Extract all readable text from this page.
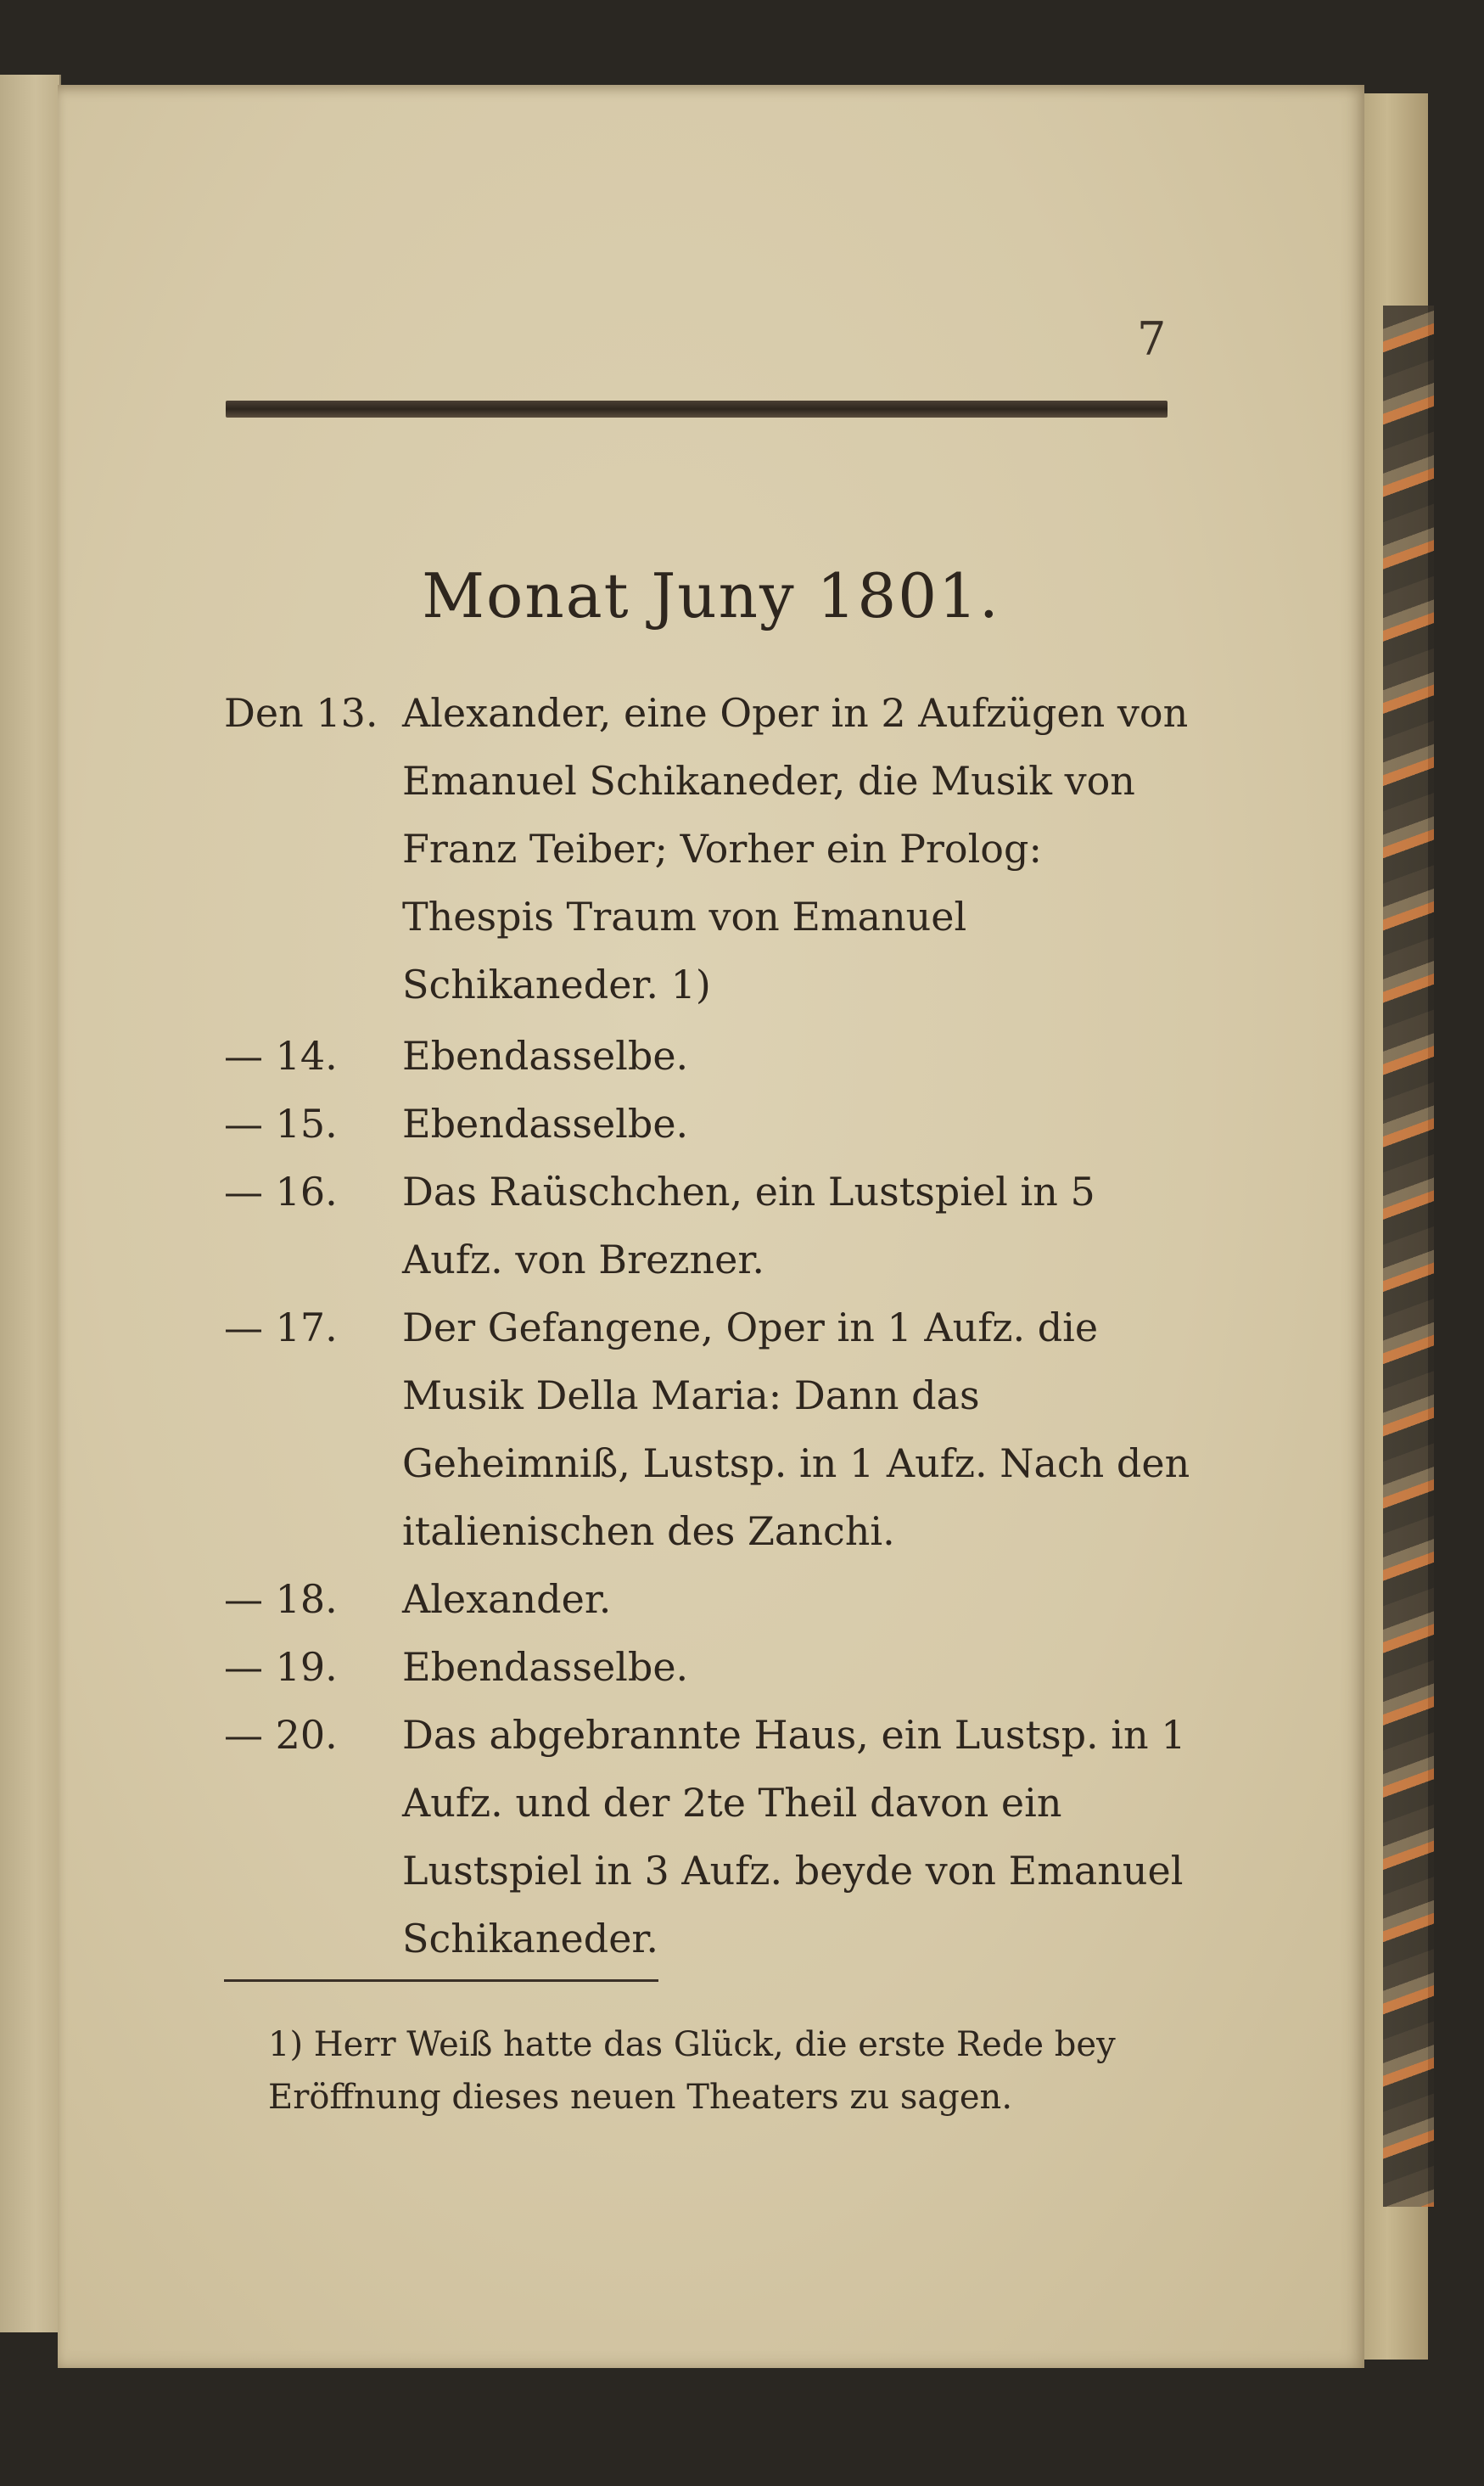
7
Monat Juny 1801.
Den 13. Alexander, eine Oper in 2 Aufzügen von Emanuel Schikaneder, die Musik von Franz Teiber; Vorher ein Prolog: Thespis Traum von Emanuel Schikaneder. 1)
— 14.	Ebendasselbe.
— 15.	Ebendasselbe.
— 16.	Das Raüschchen, ein Lustspiel in 5 Aufz. von Brezner.
— 17.	Der Gefangene, Oper in 1 Aufz. die Musik Della Maria: Dann das Geheimniß, Lustsp. in 1 Aufz. Nach den italienischen des Zanchi.
— 18.	Alexander.
— 19.	Ebendasselbe.
— 20.	Das abgebrannte Haus, ein Lustsp. in 1 Aufz. und der 2te Theil davon ein Lustspiel in 3 Aufz. beyde von Emanuel Schikaneder.
1) Herr Weiß hatte das Glück, die erste Rede bey Eröffnung dieses neuen Theaters zu sagen.
